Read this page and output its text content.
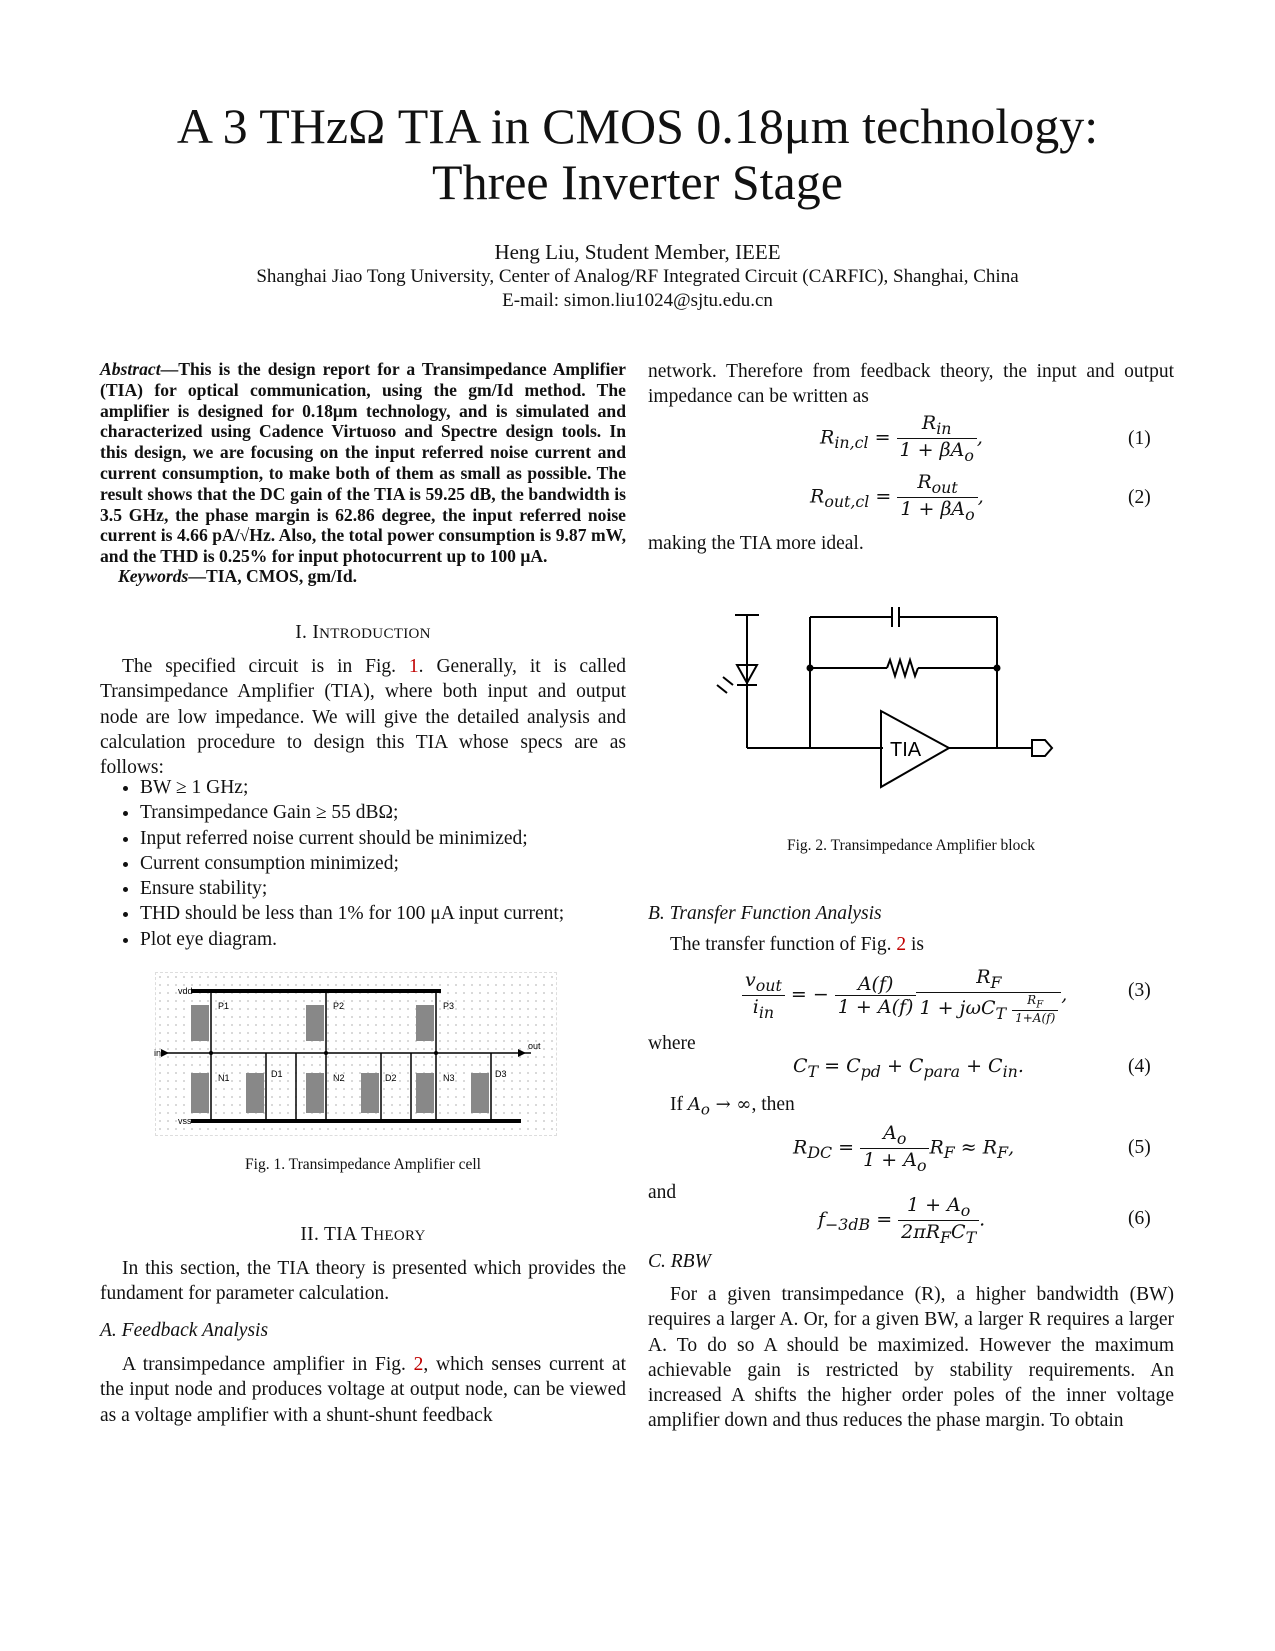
A 3 THzΩ TIA in CMOS 0.18μm technology:
Three Inverter Stage
Heng Liu, Student Member, IEEE
Shanghai Jiao Tong University, Center of Analog/RF Integrated Circuit (CARFIC), Shanghai, China
E-mail: simon.liu1024@sjtu.edu.cn
Abstract—This is the design report for a Transimpedance Amplifier (TIA) for optical communication, using the gm/Id method. The amplifier is designed for 0.18μm technology, and is simulated and characterized using Cadence Virtuoso and Spectre design tools. In this design, we are focusing on the input referred noise current and current consumption, to make both of them as small as possible. The result shows that the DC gain of the TIA is 59.25 dB, the bandwidth is 3.5 GHz, the phase margin is 62.86 degree, the input referred noise current is 4.66 pA/√Hz. Also, the total power consumption is 9.87 mW, and the THD is 0.25% for input photocurrent up to 100 μA.
Keywords—TIA, CMOS, gm/Id.
I. INTRODUCTION
The specified circuit is in Fig. 1. Generally, it is called Transimpedance Amplifier (TIA), where both input and output node are low impedance. We will give the detailed analysis and calculation procedure to design this TIA whose specs are as follows:
• BW ≥ 1 GHz;
• Transimpedance Gain ≥ 55 dBΩ;
• Input referred noise current should be minimized;
• Current consumption minimized;
• Ensure stability;
• THD should be less than 1% for 100 μA input current;
• Plot eye diagram.
vdd
vss
in
out
P1	P2	P3
N1	D1	N2	D2	N3	D3
Fig. 1. Transimpedance Amplifier cell
II. TIA THEORY
In this section, the TIA theory is presented which provides the fundament for parameter calculation.
A. Feedback Analysis
A transimpedance amplifier in Fig. 2, which senses current at the input node and produces voltage at output node, can be viewed as a voltage amplifier with a shunt-shunt feedback
network. Therefore from feedback theory, the input and output impedance can be written as
$R_{in,cl} = \frac{R_{in}}{1 + \beta A_o}$ ,	(1)
$R_{out,cl} = \frac{R_{out}}{1 + \beta A_o}$ ,	(2)
making the TIA more ideal.
TIA
Fig. 2. Transimpedance Amplifier block
B. Transfer Function Analysis
The transfer function of Fig. 2 is
$\frac{v_{out}}{i_{in}}$ = − $\frac{A(f)}{1 + A(f)} \frac{R_F}{1 + j\omega C_T \frac{R_F}{1+A(f)}}$ ,	(3)
where
$C_T = C_{pd} + C_{para} + C_{in}$.	(4)
If $A_o$ → ∞, then
$R_{DC} = \frac{A_o}{1 + A_o} R_F \approx R_F$,	(5)
and
$f_{-3dB} = \frac{1 + A_o}{2\pi R_FC_T}$ .	(6)
C. RBW
For a given transimpedance (R), a higher bandwidth (BW) requires a larger A. Or, for a given BW, a larger R requires a larger A. To do so A should be maximized. However the maximum achievable gain is restricted by stability requirements. An increased A shifts the higher order poles of the inner voltage amplifier down and thus reduces the phase margin. To obtain
